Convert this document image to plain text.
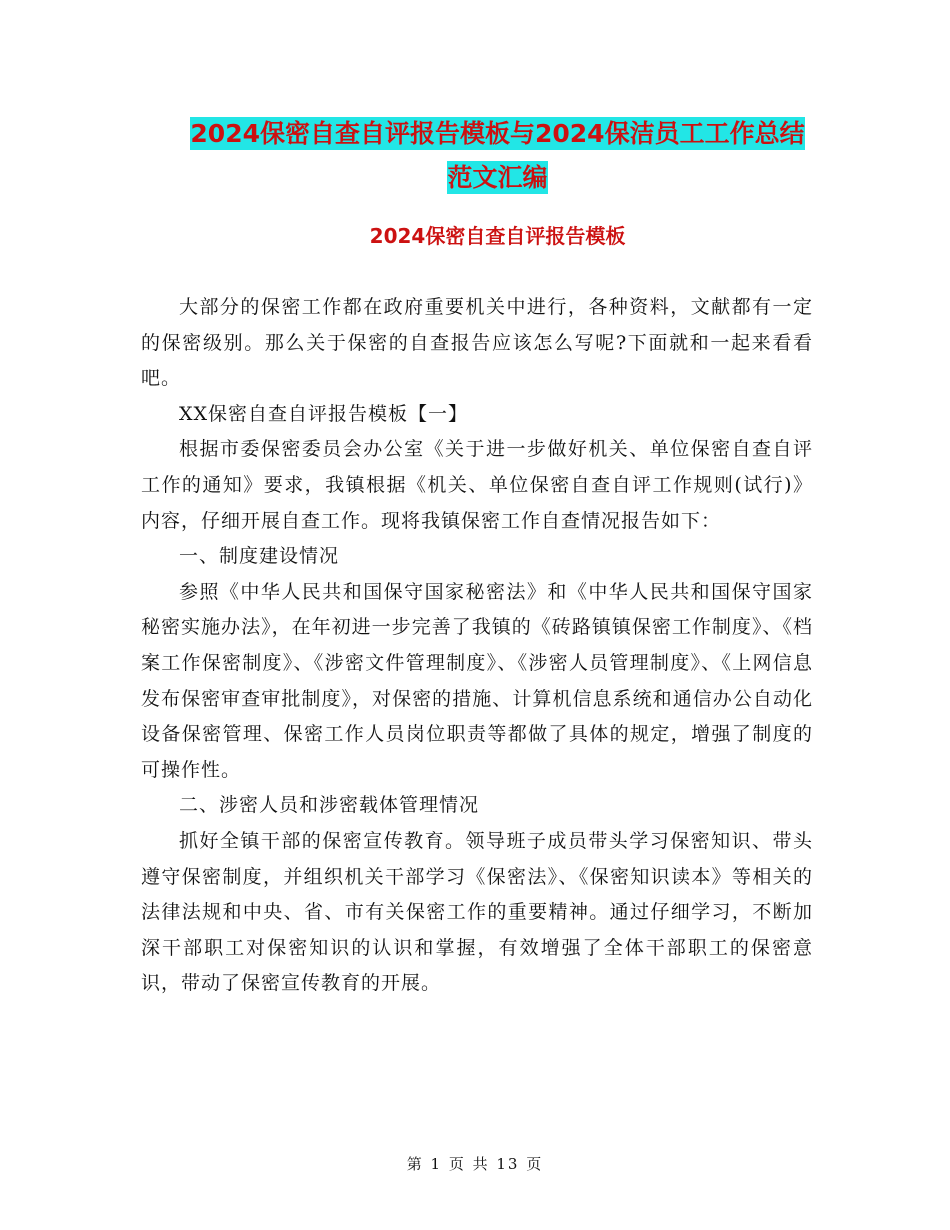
2024保密自查自评报告模板与2024保洁员工工作总结
范文汇编
2024保密自查自评报告模板

大部分的保密工作都在政府重要机关中进行，各种资料，文献都有一定的保密级别。那么关于保密的自查报告应该怎么写呢?下面就和一起来看看吧。

XX保密自查自评报告模板【一】

根据市委保密委员会办公室《关于进一步做好机关、单位保密自查自评工作的通知》要求，我镇根据《机关、单位保密自查自评工作规则(试行)》内容，仔细开展自查工作。现将我镇保密工作自查情况报告如下：

一、制度建设情况

参照《中华人民共和国保守国家秘密法》和《中华人民共和国保守国家秘密实施办法》，在年初进一步完善了我镇的《砖路镇镇保密工作制度》、《档案工作保密制度》、《涉密文件管理制度》、《涉密人员管理制度》、《上网信息发布保密审查审批制度》，对保密的措施、计算机信息系统和通信办公自动化设备保密管理、保密工作人员岗位职责等都做了具体的规定，增强了制度的可操作性。

二、涉密人员和涉密载体管理情况

抓好全镇干部的保密宣传教育。领导班子成员带头学习保密知识、带头遵守保密制度，并组织机关干部学习《保密法》、《保密知识读本》等相关的法律法规和中央、省、市有关保密工作的重要精神。通过仔细学习，不断加深干部职工对保密知识的认识和掌握，有效增强了全体干部职工的保密意识，带动了保密宣传教育的开展。

第 1 页 共 13 页
